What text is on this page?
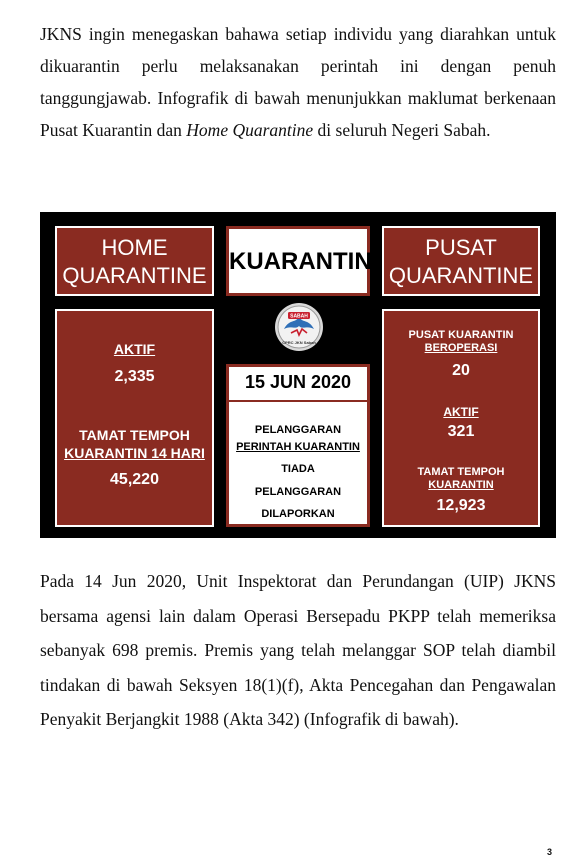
JKNS ingin menegaskan bahawa setiap individu yang diarahkan untuk dikuarantin perlu melaksanakan perintah ini dengan penuh tanggungjawab. Infografik di bawah menunjukkan maklumat berkenaan Pusat Kuarantin dan Home Quarantine di seluruh Negeri Sabah.

HOME
QUARANTINE
KUARANTIN
PUSAT
QUARANTINE
AKTIF
2,335
TAMAT TEMPOH
KUARANTIN 14 HARI
45,220
SABAH
CPRC JKN Sabah
15 JUN 2020
PELANGGARAN
PERINTAH KUARANTIN
TIADA
PELANGGARAN
DILAPORKAN
PUSAT KUARANTIN
BEROPERASI
20
AKTIF
321
TAMAT TEMPOH
KUARANTIN
12,923

Pada 14 Jun 2020, Unit Inspektorat dan Perundangan (UIP) JKNS bersama agensi lain dalam Operasi Bersepadu PKPP telah memeriksa sebanyak 698 premis. Premis yang telah melanggar SOP telah diambil tindakan di bawah Seksyen 18(1)(f), Akta Pencegahan dan Pengawalan Penyakit Berjangkit 1988 (Akta 342) (Infografik di bawah).

3
